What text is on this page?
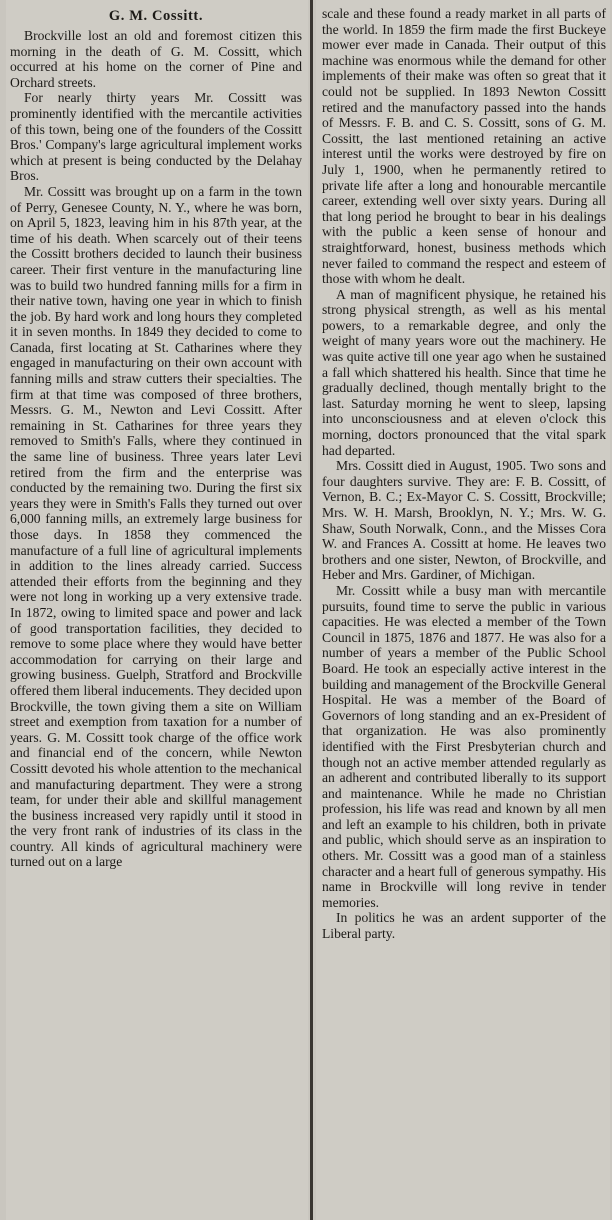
G. M. Cossitt.

Brockville lost an old and foremost citizen this morning in the death of G. M. Cossitt, which occurred at his home on the corner of Pine and Orchard streets.

For nearly thirty years Mr. Cossitt was prominently identified with the mercantile activities of this town, being one of the founders of the Cossitt Bros.' Company's large agricultural implement works which at present is being conducted by the Delahay Bros.

Mr. Cossitt was brought up on a farm in the town of Perry, Genesee County, N. Y., where he was born, on April 5, 1823, leaving him in his 87th year, at the time of his death. When scarcely out of their teens the Cossitt brothers decided to launch their business career. Their first venture in the manufacturing line was to build two hundred fanning mills for a firm in their native town, having one year in which to finish the job. By hard work and long hours they completed it in seven months. In 1849 they decided to come to Canada, first locating at St. Catharines where they engaged in manufacturing on their own account with fanning mills and straw cutters their specialties. The firm at that time was composed of three brothers, Messrs. G. M., Newton and Levi Cossitt. After remaining in St. Catharines for three years they removed to Smith's Falls, where they continued in the same line of business. Three years later Levi retired from the firm and the enterprise was conducted by the remaining two. During the first six years they were in Smith's Falls they turned out over 6,000 fanning mills, an extremely large business for those days. In 1858 they commenced the manufacture of a full line of agricultural implements in addition to the lines already carried. Success attended their efforts from the beginning and they were not long in working up a very extensive trade. In 1872, owing to limited space and power and lack of good transportation facilities, they decided to remove to some place where they would have better accommodation for carrying on their large and growing business. Guelph, Stratford and Brockville offered them liberal inducements. They decided upon Brockville, the town giving them a site on William street and exemption from taxation for a number of years. G. M. Cossitt took charge of the office work and financial end of the concern, while Newton Cossitt devoted his whole attention to the mechanical and manufacturing department. They were a strong team, for under their able and skillful management the business increased very rapidly until it stood in the very front rank of industries of its class in the country. All kinds of agricultural machinery were turned out on a large

scale and these found a ready market in all parts of the world. In 1859 the firm made the first Buckeye mower ever made in Canada. Their output of this machine was enormous while the demand for other implements of their make was often so great that it could not be supplied. In 1893 Newton Cossitt retired and the manufactory passed into the hands of Messrs. F. B. and C. S. Cossitt, sons of G. M. Cossitt, the last mentioned retaining an active interest until the works were destroyed by fire on July 1, 1900, when he permanently retired to private life after a long and honourable mercantile career, extending well over sixty years. During all that long period he brought to bear in his dealings with the public a keen sense of honour and straightforward, honest, business methods which never failed to command the respect and esteem of those with whom he dealt.

A man of magnificent physique, he retained his strong physical strength, as well as his mental powers, to a remarkable degree, and only the weight of many years wore out the machinery. He was quite active till one year ago when he sustained a fall which shattered his health. Since that time he gradually declined, though mentally bright to the last. Saturday morning he went to sleep, lapsing into unconsciousness and at eleven o'clock this morning, doctors pronounced that the vital spark had departed.

Mrs. Cossitt died in August, 1905. Two sons and four daughters survive. They are: F. B. Cossitt, of Vernon, B. C.; Ex-Mayor C. S. Cossitt, Brockville; Mrs. W. H. Marsh, Brooklyn, N. Y.; Mrs. W. G. Shaw, South Norwalk, Conn., and the Misses Cora W. and Frances A. Cossitt at home. He leaves two brothers and one sister, Newton, of Brockville, and Heber and Mrs. Gardiner, of Michigan.

Mr. Cossitt while a busy man with mercantile pursuits, found time to serve the public in various capacities. He was elected a member of the Town Council in 1875, 1876 and 1877. He was also for a number of years a member of the Public School Board. He took an especially active interest in the building and management of the Brockville General Hospital. He was a member of the Board of Governors of long standing and an ex-President of that organization. He was also prominently identified with the First Presbyterian church and though not an active member attended regularly as an adherent and contributed liberally to its support and maintenance. While he made no Christian profession, his life was read and known by all men and left an example to his children, both in private and public, which should serve as an inspiration to others. Mr. Cossitt was a good man of a stainless character and a heart full of generous sympathy. His name in Brockville will long revive in tender memories.

In politics he was an ardent supporter of the Liberal party.
